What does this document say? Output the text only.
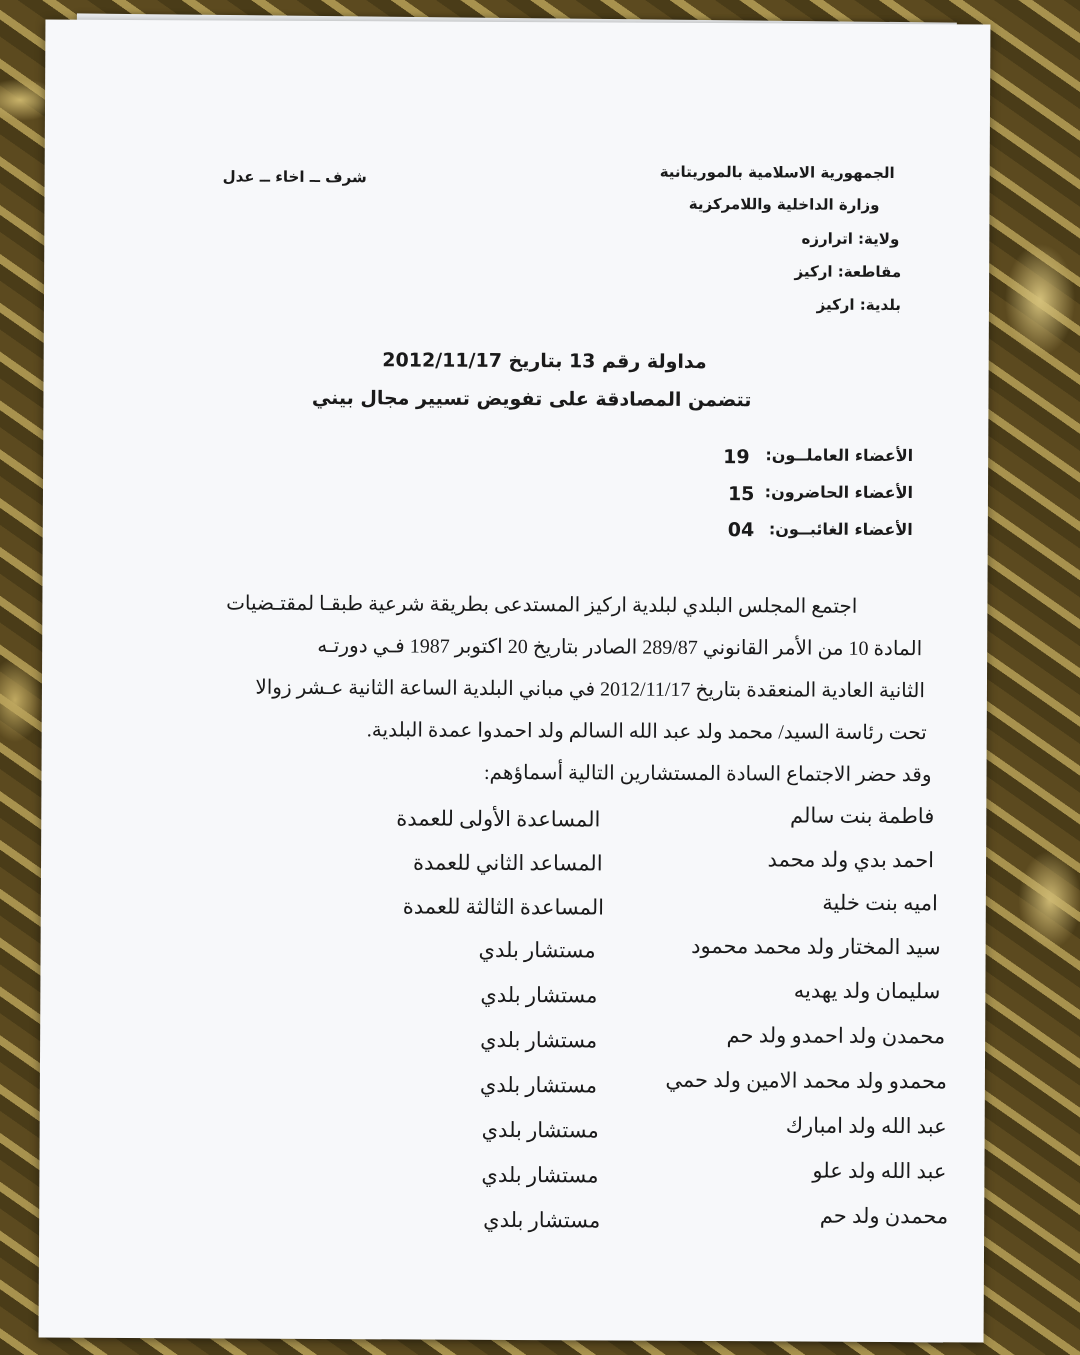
الجمهورية الاسلامية بالموريتانية
وزارة الداخلية واللامركزية
ولاية: اترارزه
مقاطعة: اركيز
بلدية: اركيز
شرف ــ اخاء ــ عدل
مداولة رقم 13 بتاريخ 2012/11/17
تتضمن المصادقة على تفويض تسيير مجال بيني
الأعضاء العاملــون:
19
الأعضاء الحاضرون:
15
الأعضاء الغائبــون:
04
اجتمع المجلس البلدي لبلدية اركيز المستدعى بطريقة شرعية طبقـا لمقتـضيات
المادة 10 من الأمر القانوني 289/87 الصادر بتاريخ 20 اكتوبر 1987 فـي دورتـه
الثانية العادية المنعقدة بتاريخ 2012/11/17 في مباني البلدية الساعة الثانية عـشر زوالا
تحت رئاسة السيد/ محمد ولد عبد الله السالم ولد احمدوا عمدة البلدية.
وقد حضر الاجتماع السادة المستشارين التالية أسماؤهم:
فاطمة بنت سالم
المساعدة الأولى للعمدة
احمد بدي ولد محمد
المساعد الثاني للعمدة
اميه بنت خلية
المساعدة الثالثة للعمدة
سيد المختار ولد محمد محمود
مستشار بلدي
سليمان ولد يهديه
مستشار بلدي
محمدن ولد احمدو ولد حم
مستشار بلدي
محمدو ولد محمد الامين ولد حمي
مستشار بلدي
عبد الله ولد امبارك
مستشار بلدي
عبد الله ولد علو
مستشار بلدي
محمدن ولد حم
مستشار بلدي
